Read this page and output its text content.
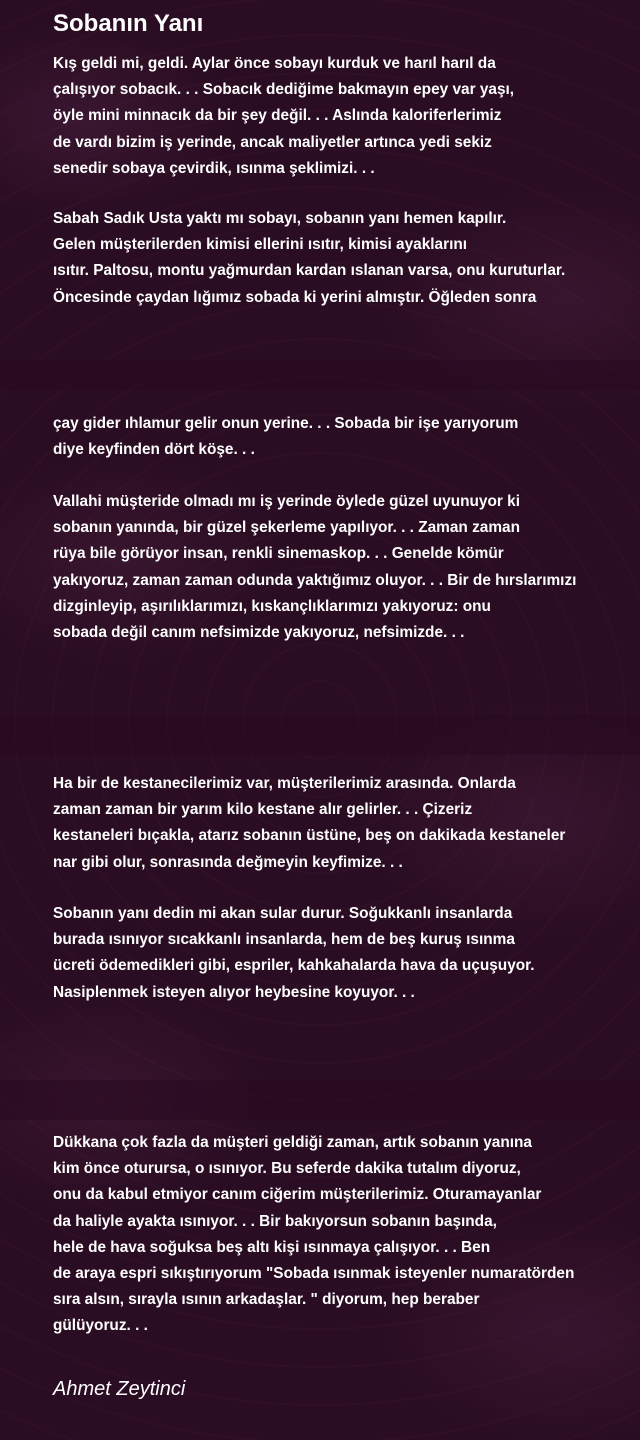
Sobanın Yanı
Kış geldi mi, geldi. Aylar önce sobayı kurduk ve harıl harıl da
çalışıyor sobacık. . . Sobacık dediğime bakmayın epey var yaşı,
öyle mini minnacık da bir şey değil. . . Aslında kaloriferlerimiz
de vardı bizim iş yerinde, ancak maliyetler artınca yedi sekiz
senedir sobaya çevirdik, ısınma şeklimizi. . .
Sabah Sadık Usta yaktı mı sobayı, sobanın yanı hemen kapılır.
Gelen müşterilerden kimisi ellerini ısıtır, kimisi ayaklarını
ısıtır. Paltosu, montu yağmurdan kardan ıslanan varsa, onu kuruturlar.
Öncesinde çaydan lığımız sobada ki yerini almıştır. Öğleden sonra
çay gider ıhlamur gelir onun yerine. . . Sobada bir işe yarıyorum
diye keyfinden dört köşe. . .
Vallahi müşteride olmadı mı iş yerinde öylede güzel uyunuyor ki
sobanın yanında, bir güzel şekerleme yapılıyor. . . Zaman zaman
rüya bile görüyor insan, renkli sinemaskop. . . Genelde kömür
yakıyoruz, zaman zaman odunda yaktığımız oluyor. . . Bir de hırslarımızı
dizginleyip, aşırılıklarımızı, kıskançlıklarımızı yakıyoruz: onu
sobada değil canım nefsimizde yakıyoruz, nefsimizde. . .
Ha bir de kestanecilerimiz var, müşterilerimiz arasında. Onlarda
zaman zaman bir yarım kilo kestane alır gelirler. . . Çizeriz
kestaneleri bıçakla, atarız sobanın üstüne, beş on dakikada kestaneler
nar gibi olur, sonrasında değmeyin keyfimize. . .
Sobanın yanı dedin mi akan sular durur. Soğukkanlı insanlarda
burada ısınıyor sıcakkanlı insanlarda, hem de beş kuruş ısınma
ücreti ödemedikleri gibi, espriler, kahkahalarda hava da uçuşuyor.
Nasiplenmek isteyen alıyor heybesine koyuyor. . .
Dükkana çok fazla da müşteri geldiği zaman, artık sobanın yanına
kim önce oturursa, o ısınıyor. Bu seferde dakika tutalım diyoruz,
onu da kabul etmiyor canım ciğerim müşterilerimiz. Oturamayanlar
da haliyle ayakta ısınıyor. . . Bir bakıyorsun sobanın başında,
hele de hava soğuksa beş altı kişi ısınmaya çalışıyor. . . Ben
de araya espri sıkıştırıyorum "Sobada ısınmak isteyenler numaratörden
sıra alsın, sırayla ısının arkadaşlar. " diyorum, hep beraber
gülüyoruz. . .
Ahmet Zeytinci
